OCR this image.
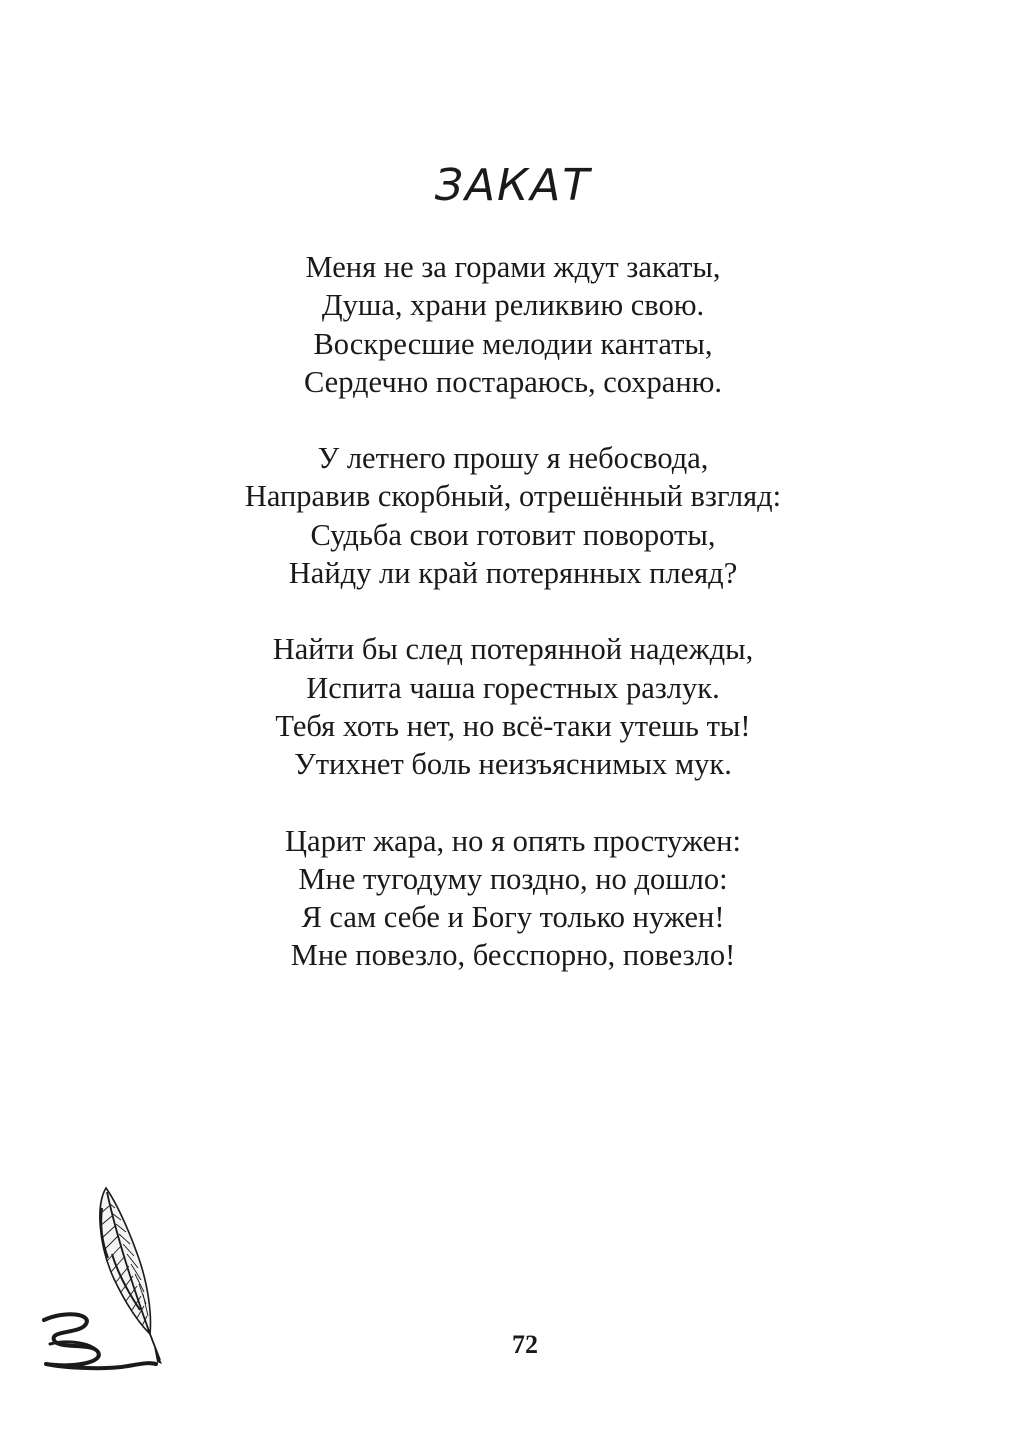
ЗАКАТ
Меня не за горами ждут закаты,
Душа, храни реликвию свою.
Воскресшие мелодии кантаты,
Сердечно постараюсь, сохраню.
У летнего прошу я небосвода,
Направив скорбный, отрешённый взгляд:
Судьба свои готовит повороты,
Найду ли край потерянных плеяд?
Найти бы след потерянной надежды,
Испита чаша горестных разлук.
Тебя хоть нет, но всё-таки утешь ты!
Утихнет боль неизъяснимых мук.
Царит жара, но я опять простужен:
Мне тугодуму поздно, но дошло:
Я сам себе и Богу только нужен!
Мне повезло, бесспорно, повезло!
72
